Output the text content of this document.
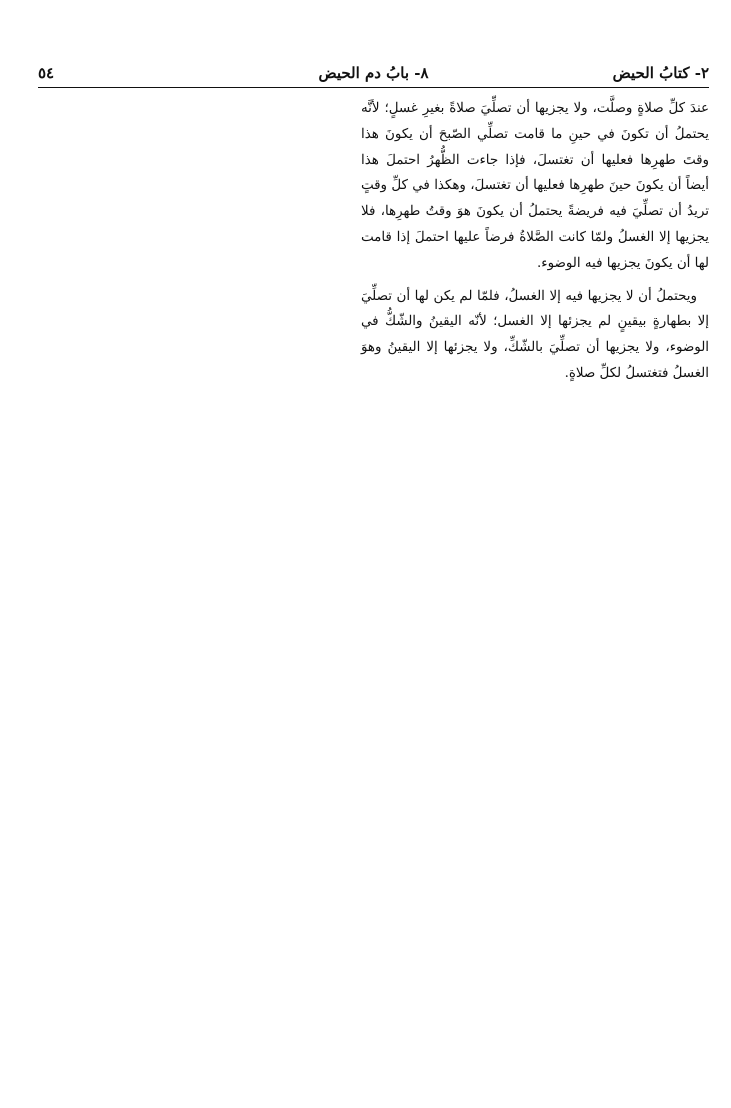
٢- كتابُ الحيض
٨- بابُ دم الحيض
٥٤

عندَ كلِّ صلاةٍ وصلَّت، ولا يجزيها أن تصلِّيَ صلاةً بغيرِ غسلٍ؛ لأنَّه يحتملُ أن تكونَ في حينِ ما قامت تصلِّي الصّبحَ أن يكونَ هذا وقتَ طهرِها فعليها أن تغتسلَ، فإذا جاءت الظُّهرُ احتملَ هذا أيضاً أن يكونَ حينَ طهرِها فعليها أن تغتسلَ، وهكذا في كلِّ وقتٍ تريدُ أن تصلِّيَ فيه فريضةً يحتملُ أن يكونَ هوَ وقتُ طهرِها، فلا يجزيها إلا الغسلُ ولمّا كانت الصَّلاةُ فرضاً عليها احتملَ إذا قامت لها أن يكونَ يجزيها فيه الوضوء.

ويحتملُ أن لا يجزيها فيه إلا الغسلُ، فلمّا لم يكن لها أن تصلِّيَ إلا بطهارةٍ بيقينٍ لم يجزئها إلا الغسل؛ لأنّه اليقينُ والشّكُّ في الوضوء، ولا يجزيها أن تصلِّيَ بالشّكِّ، ولا يجزئها إلا اليقينُ وهوَ الغسلُ فتغتسلُ لكلِّ صلاةٍ.
